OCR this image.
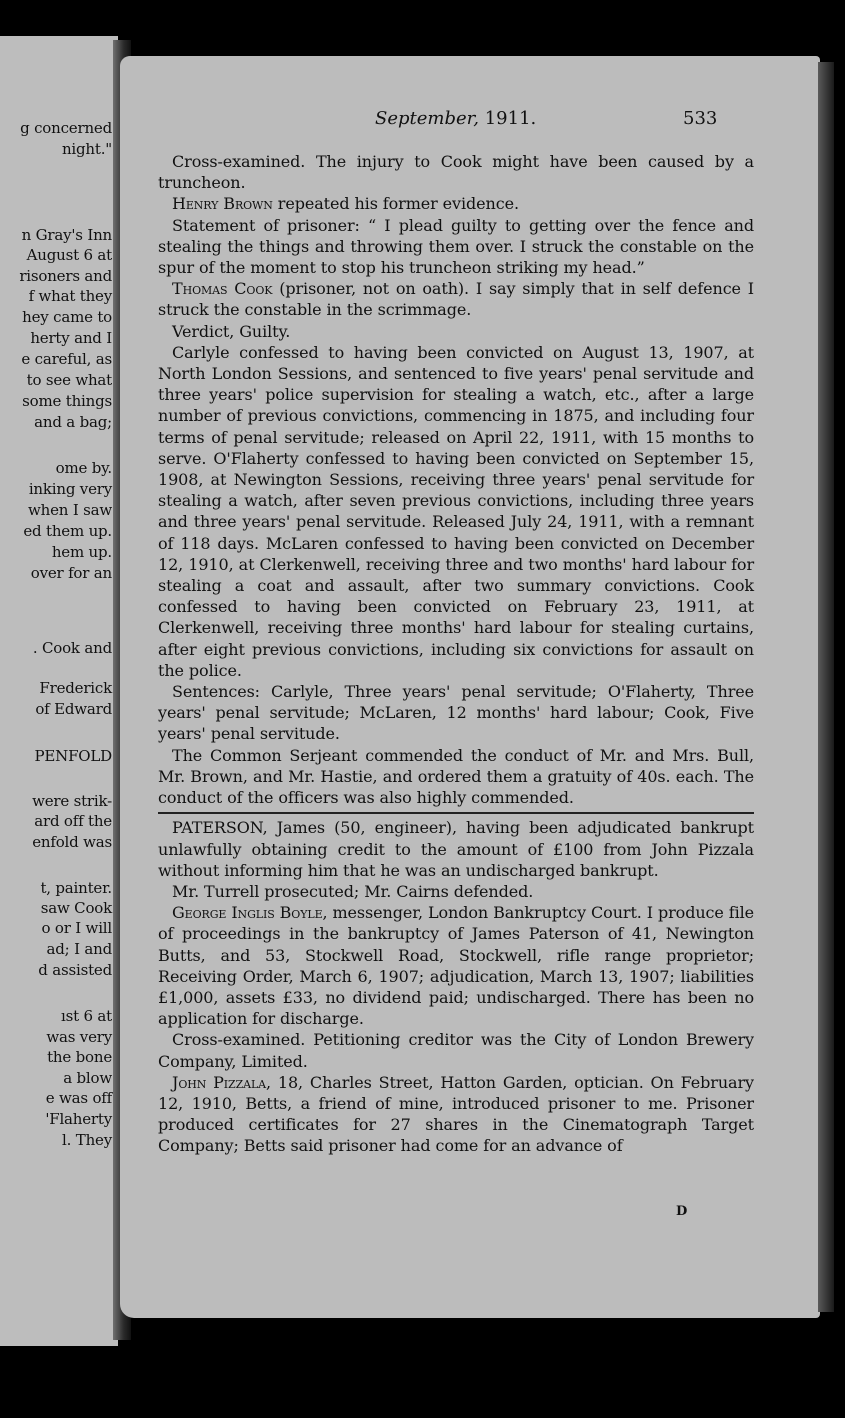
g concerned
night."
n Gray's Inn
August 6 at
risoners and
f what they
hey came to
herty and I
e careful, as
to see what
some things
and a bag;
ome by.
inking very
when I saw
ed them up.
hem up.
over for an
. Cook and
Frederick
of Edward
PENFOLD
were strik-
ard off the
enfold was
t, painter.
saw Cook
o or I will
ad; I and
d assisted
ıst 6 at
was very
the bone
a blow
e was off
'Flaherty
l. They
September, 1911.	533

Cross-examined. The injury to Cook might have been caused by a truncheon.

Henry Brown repeated his former evidence.

Statement of prisoner: “ I plead guilty to getting over the fence and stealing the things and throwing them over. I struck the constable on the spur of the moment to stop his truncheon striking my head.”

Thomas Cook (prisoner, not on oath). I say simply that in self defence I struck the constable in the scrimmage.

Verdict, Guilty.

Carlyle confessed to having been convicted on August 13, 1907, at North London Sessions, and sentenced to five years' penal servitude and three years' police supervision for stealing a watch, etc., after a large number of previous convictions, commencing in 1875, and including four terms of penal servitude; released on April 22, 1911, with 15 months to serve. O'Flaherty confessed to having been convicted on September 15, 1908, at Newington Sessions, receiving three years' penal servitude for stealing a watch, after seven previous convictions, including three years and three years' penal servitude. Released July 24, 1911, with a remnant of 118 days. McLaren confessed to having been convicted on December 12, 1910, at Clerkenwell, receiving three and two months' hard labour for stealing a coat and assault, after two summary convictions. Cook confessed to having been convicted on February 23, 1911, at Clerkenwell, receiving three months' hard labour for stealing curtains, after eight previous convictions, including six convictions for assault on the police.

Sentences: Carlyle, Three years' penal servitude; O'Flaherty, Three years' penal servitude; McLaren, 12 months' hard labour; Cook, Five years' penal servitude.

The Common Serjeant commended the conduct of Mr. and Mrs. Bull, Mr. Brown, and Mr. Hastie, and ordered them a gratuity of 40s. each. The conduct of the officers was also highly commended.

PATERSON, James (50, engineer), having been adjudicated bankrupt unlawfully obtaining credit to the amount of £100 from John Pizzala without informing him that he was an undischarged bankrupt.

Mr. Turrell prosecuted; Mr. Cairns defended.

George Inglis Boyle, messenger, London Bankruptcy Court. I produce file of proceedings in the bankruptcy of James Paterson of 41, Newington Butts, and 53, Stockwell Road, Stockwell, rifle range proprietor; Receiving Order, March 6, 1907; adjudication, March 13, 1907; liabilities £1,000, assets £33, no dividend paid; undischarged. There has been no application for discharge.

Cross-examined. Petitioning creditor was the City of London Brewery Company, Limited.

John Pizzala, 18, Charles Street, Hatton Garden, optician. On February 12, 1910, Betts, a friend of mine, introduced prisoner to me. Prisoner produced certificates for 27 shares in the Cinematograph Target Company; Betts said prisoner had come for an advance of

D
